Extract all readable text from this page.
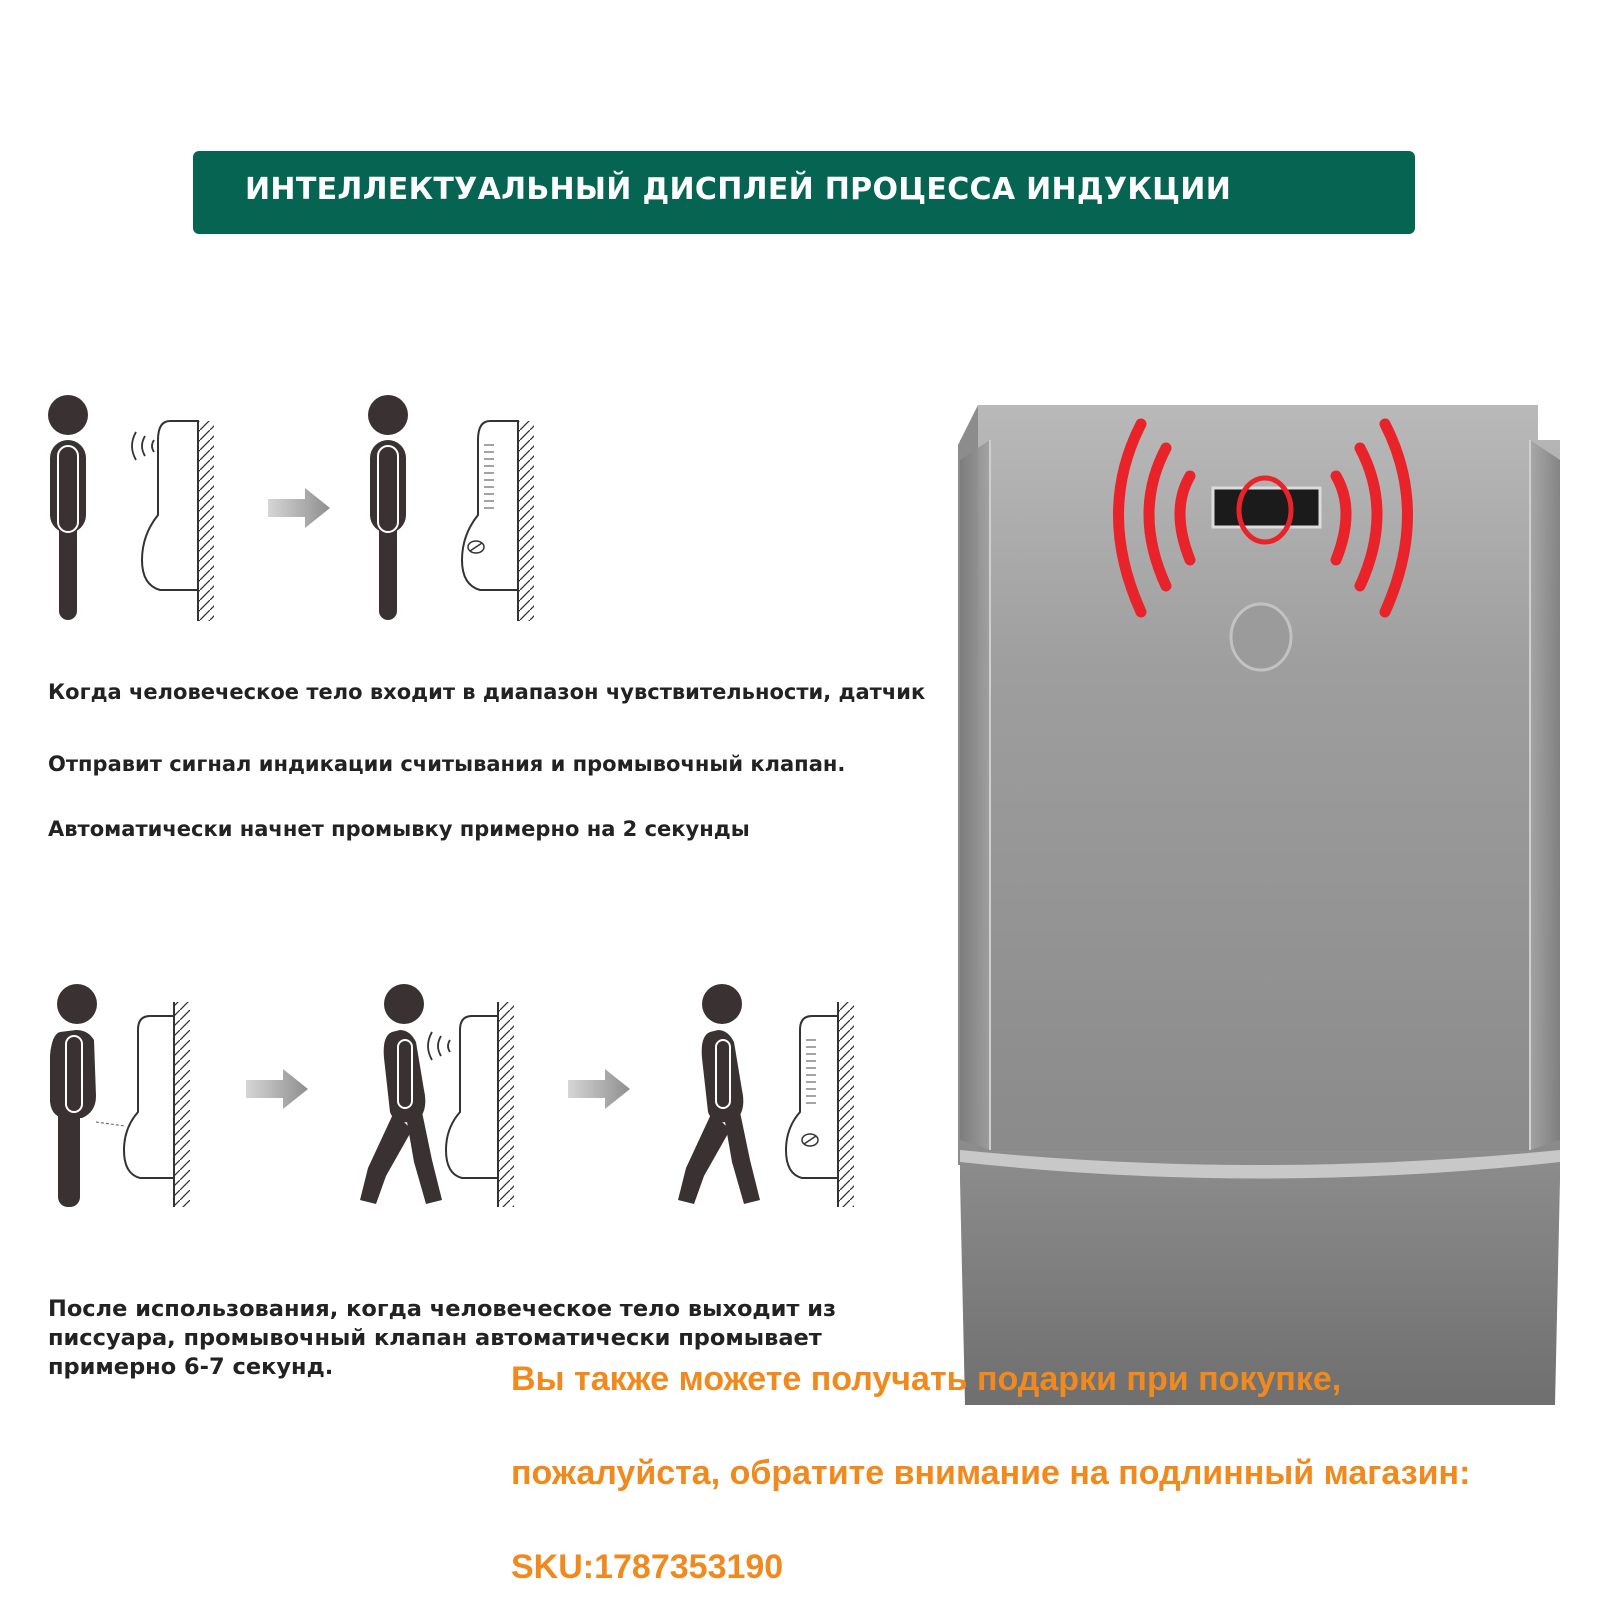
ИНТЕЛЛЕКТУАЛЬНЫЙ ДИСПЛЕЙ ПРОЦЕССА ИНДУКЦИИ
Когда человеческое тело входит в диапазон чувствительности, датчик
Отправит сигнал индикации считывания и промывочный клапан.
Автоматически начнет промывку примерно на 2 секунды
После использования, когда человеческое тело выходит из
писсуара, промывочный клапан автоматически промывает
примерно 6-7 секунд.	Вы также можете получать подарки при покупке,
пожалуйста, обратите внимание на подлинный магазин:
SKU:1787353190
